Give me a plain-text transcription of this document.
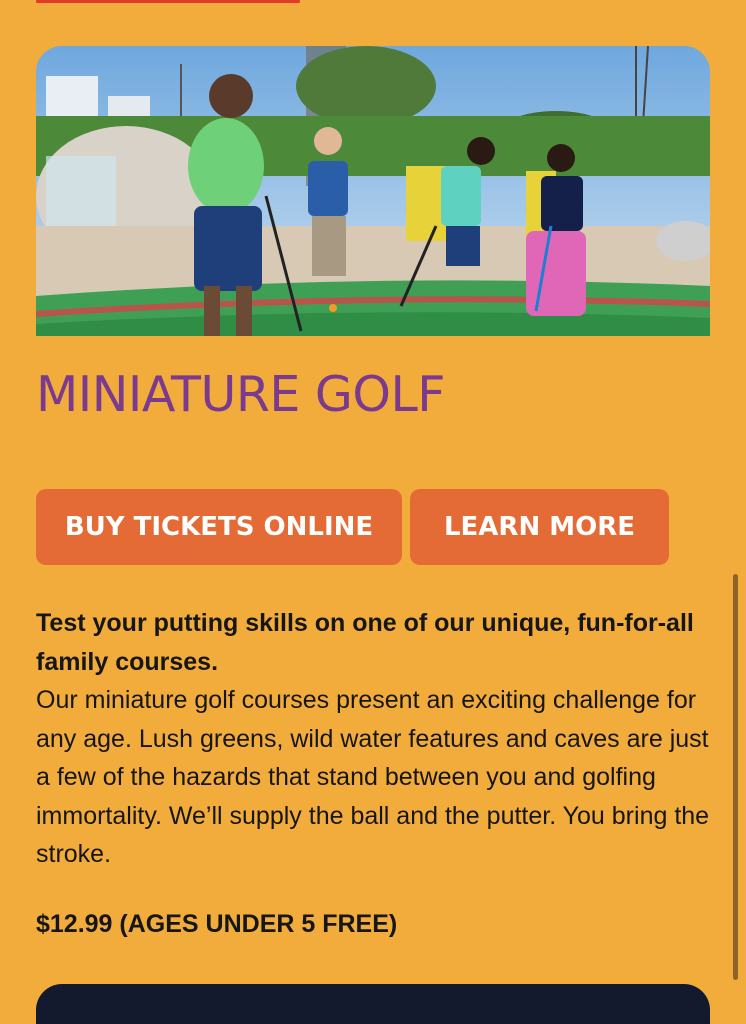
MINIATURE GOLF
BUY TICKETS ONLINE	LEARN MORE

Test your putting skills on one of our unique, fun-for-all family courses.
Our miniature golf courses present an exciting challenge for any age. Lush greens, wild water features and caves are just a few of the hazards that stand between you and golfing immortality. We’ll supply the ball and the putter. You bring the stroke.

$12.99 (AGES UNDER 5 FREE)
